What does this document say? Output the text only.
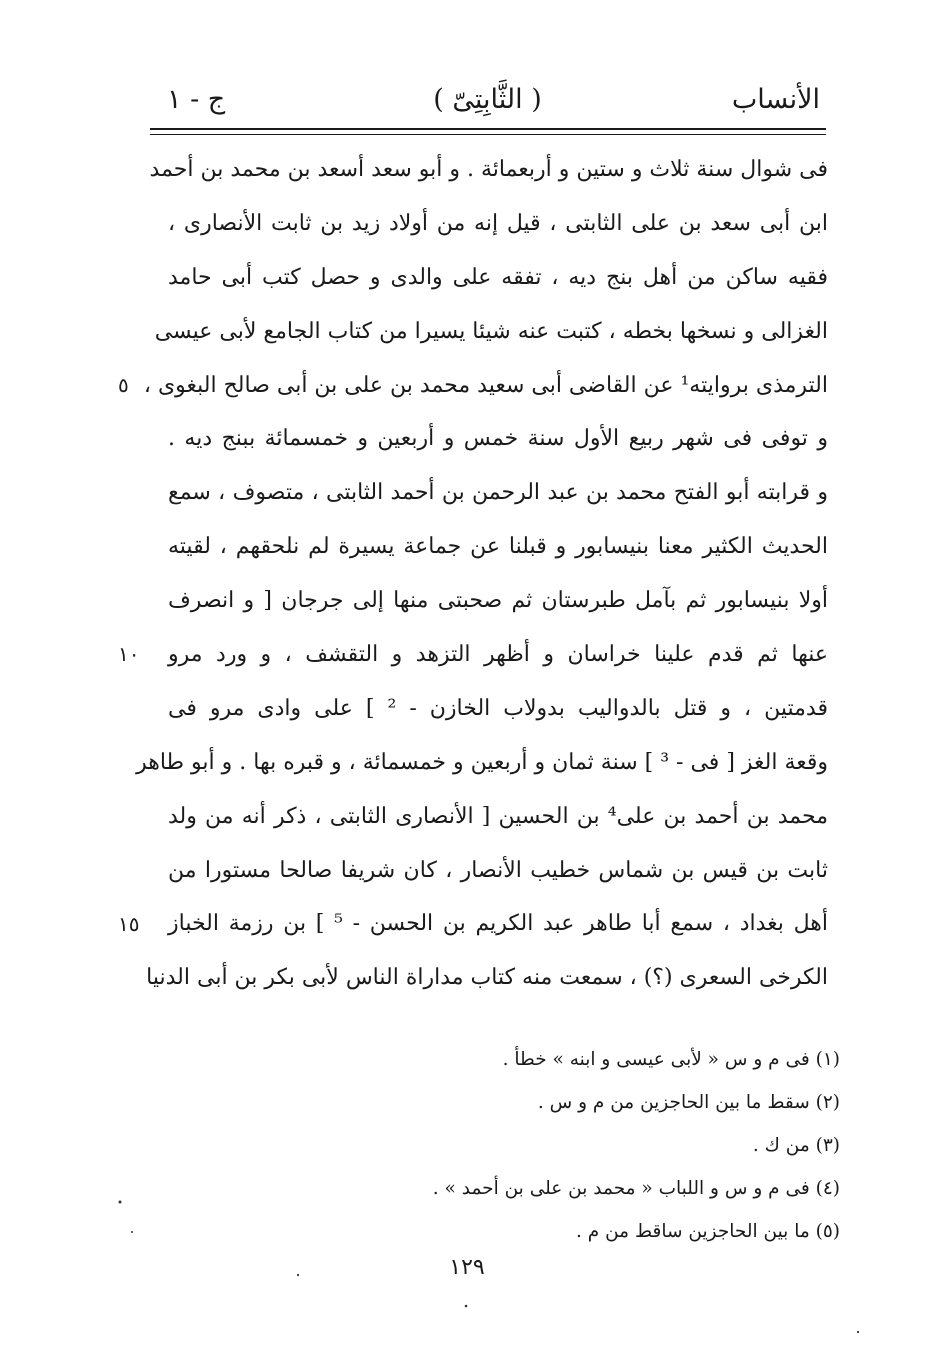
ج - ١	( الثَّابِتِىّ )	الأنساب
فى شوال سنة ثلاث و ستين و أربعمائة . و أبو سعد أسعد بن محمد بن أحمد
ابن أبى سعد بن على الثابتى ، قيل إنه من أولاد زيد بن ثابت الأنصارى ،
فقيه ساكن من أهل بنج ديه ، تفقه على والدى و حصل كتب أبى حامد
الغزالى و نسخها بخطه ، كتبت عنه شيئا يسيرا من كتاب الجامع لأبى عيسى
الترمذى بروايته¹ عن القاضى أبى سعيد محمد بن على بن أبى صالح البغوى ،
و توفى فى شهر ربيع الأول سنة خمس و أربعين و خمسمائة ببنج ديه .
و قرابته أبو الفتح محمد بن عبد الرحمن بن أحمد الثابتى ، متصوف ، سمع
الحديث الكثير معنا بنيسابور و قبلنا عن جماعة يسيرة لم نلحقهم ، لقيته
أولا بنيسابور ثم بآمل طبرستان ثم صحبتى منها إلى جرجان [ و انصرف
عنها ثم قدم علينا خراسان و أظهر التزهد و التقشف ، و ورد مرو
قدمتين ، و قتل بالدواليب بدولاب الخازن - ² ] على وادى مرو فى
وقعة الغز [ فى - ³ ] سنة ثمان و أربعين و خمسمائة ، و قبره بها . و أبو طاهر
محمد بن أحمد بن على⁴ بن الحسين [ الأنصارى الثابتى ، ذكر أنه من ولد
ثابت بن قيس بن شماس خطيب الأنصار ، كان شريفا صالحا مستورا من
أهل بغداد ، سمع أبا طاهر عبد الكريم بن الحسن - ⁵ ] بن رزمة الخباز
الكرخى السعرى (؟) ، سمعت منه كتاب مداراة الناس لأبى بكر بن أبى الدنيا
٥
١٠
١٥
(١) فى م و س « لأبى عيسى و ابنه » خطأ .
(٢) سقط ما بين الحاجزين من م و س .
(٣) من ك .
(٤) فى م و س و اللباب « محمد بن على بن أحمد » .
(٥) ما بين الحاجزين ساقط من م .
١٢٩
